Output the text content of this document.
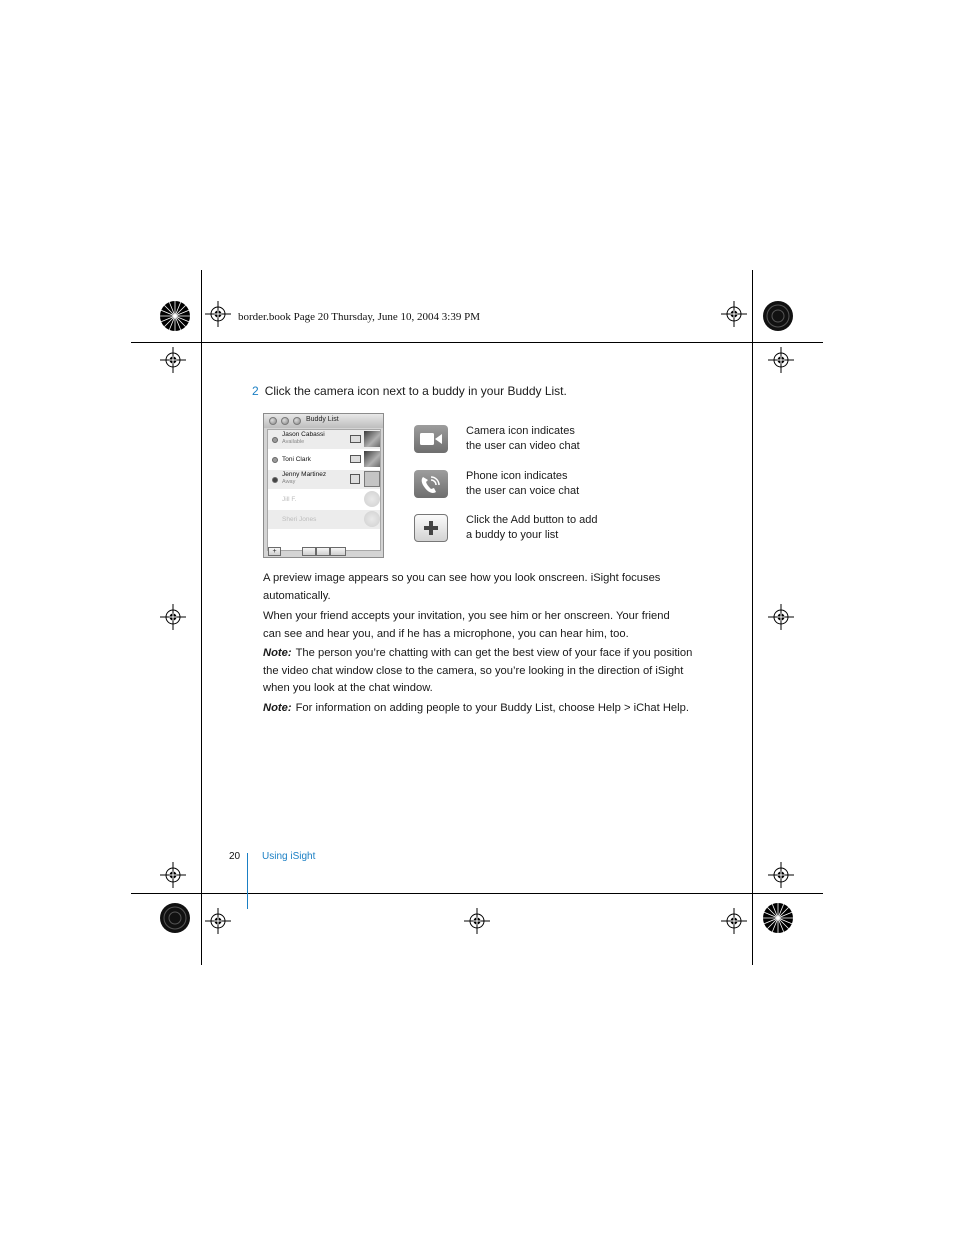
border.book Page 20 Thursday, June 10, 2004 3:39 PM
2 Click the camera icon next to a buddy in your Buddy List.
Buddy List
Jason Cabassi
Available
Toni Clark
Jenny Martinez
Away
Jill F.
Sheri Jones
+
Camera icon indicates
the user can video chat
Phone icon indicates
the user can voice chat
Click the Add button to add
a buddy to your list
A preview image appears so you can see how you look onscreen. iSight focuses automatically.
When your friend accepts your invitation, you see him or her onscreen. Your friend can see and hear you, and if he has a microphone, you can hear him, too.
Note: The person you’re chatting with can get the best view of your face if you position the video chat window close to the camera, so you’re looking in the direction of iSight when you look at the chat window.
Note: For information on adding people to your Buddy List, choose Help > iChat Help.
20 Using iSight
